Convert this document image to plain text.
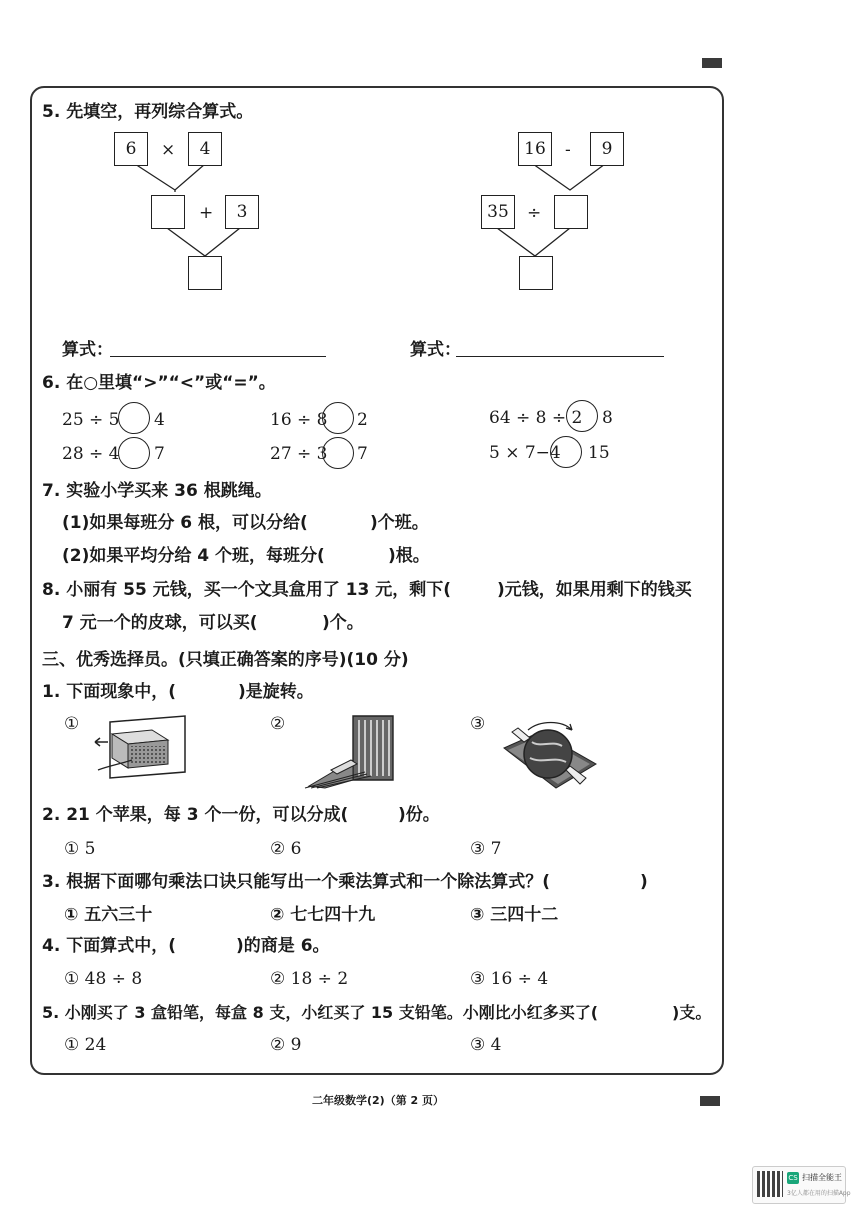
5. 先填空，再列综合算式。
6 × 4
+ 3
16 - 9
35 ÷
算式：	算式：
6. 在○里填“>”“<”或“=”。
25 ÷ 5 4	16 ÷ 8 2	64 ÷ 8 ÷ 2 8
28 ÷ 4 7	27 ÷ 3 7	5 × 7−4 15
7. 实验小学买来 36 根跳绳。
(1)如果每班分 6 根，可以分给(	)个班。
(2)如果平均分给 4 个班，每班分(	)根。
8. 小丽有 55 元钱，买一个文具盒用了 13 元，剩下(	)元钱，如果用剩下的钱买
7 元一个的皮球，可以买(	)个。
三、优秀选择员。(只填正确答案的序号)(10 分)
1. 下面现象中，(	)是旋转。
①	②	③
2. 21 个苹果，每 3 个一份，可以分成(	)份。
① 5	② 6	③ 7
3. 根据下面哪句乘法口诀只能写出一个乘法算式和一个除法算式？(	)
① 五六三十	② 七七四十九	③ 三四十二
4. 下面算式中，(	)的商是 6。
① 48 ÷ 8	② 18 ÷ 2	③ 16 ÷ 4
5. 小刚买了 3 盒铅笔，每盒 8 支，小红买了 15 支铅笔。小刚比小红多买了(	)支。
① 24	② 9	③ 4
二年级数学(2)（第 2 页）
CS 扫描全能王
3亿人都在用的扫描App
